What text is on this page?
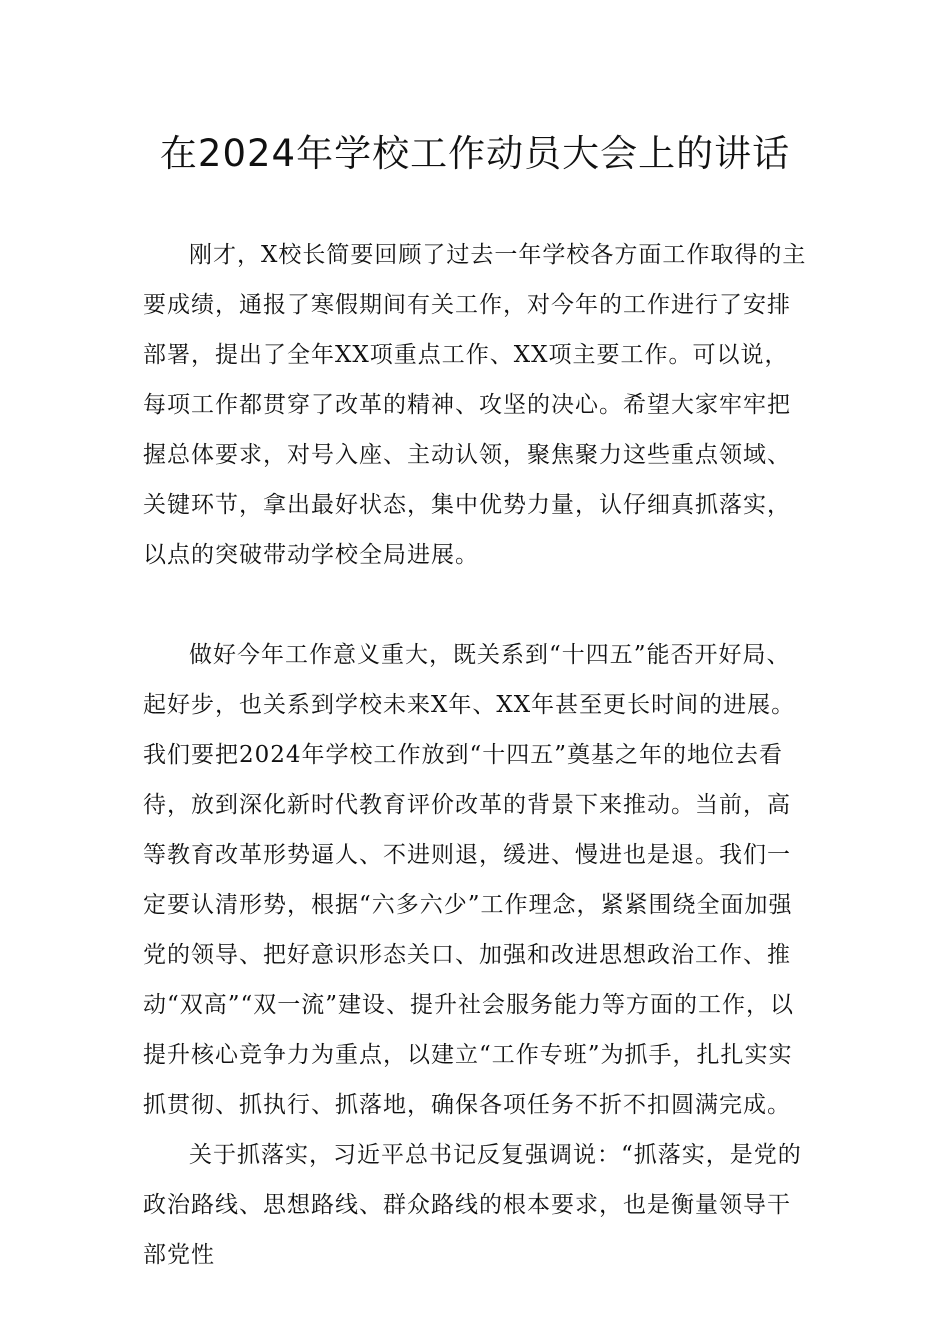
在2024年学校工作动员大会上的讲话

刚才，X校长简要回顾了过去一年学校各方面工作取得的主要成绩，通报了寒假期间有关工作，对今年的工作进行了安排部署，提出了全年XX项重点工作、XX项主要工作。可以说，每项工作都贯穿了改革的精神、攻坚的决心。希望大家牢牢把握总体要求，对号入座、主动认领，聚焦聚力这些重点领域、关键环节，拿出最好状态，集中优势力量，认仔细真抓落实，以点的突破带动学校全局进展。

做好今年工作意义重大，既关系到“十四五”能否开好局、起好步，也关系到学校未来X年、XX年甚至更长时间的进展。我们要把2024年学校工作放到“十四五”奠基之年的地位去看待，放到深化新时代教育评价改革的背景下来推动。当前，高等教育改革形势逼人、不进则退，缓进、慢进也是退。我们一定要认清形势，根据“六多六少”工作理念，紧紧围绕全面加强党的领导、把好意识形态关口、加强和改进思想政治工作、推动“双高”“双一流”建设、提升社会服务能力等方面的工作，以提升核心竞争力为重点，以建立“工作专班”为抓手，扎扎实实抓贯彻、抓执行、抓落地，确保各项任务不折不扣圆满完成。

关于抓落实，习近平总书记反复强调说：“抓落实，是党的政治路线、思想路线、群众路线的根本要求，也是衡量领导干部党性
